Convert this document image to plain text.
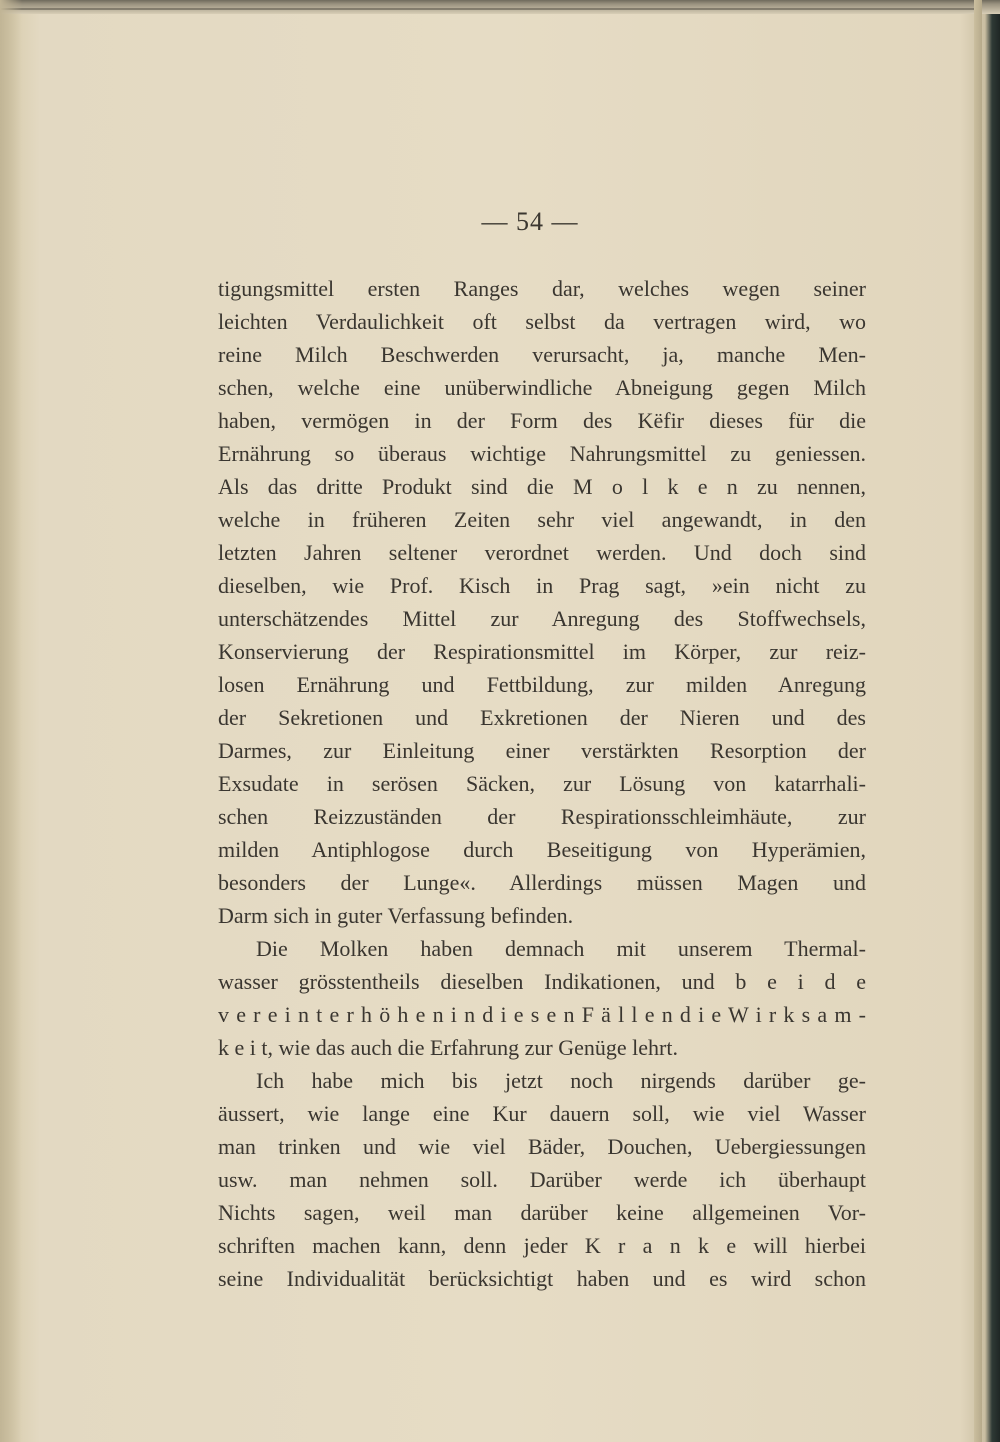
— 54 —
tigungsmittel ersten Ranges dar, welches wegen seiner
leichten Verdaulichkeit oft selbst da vertragen wird, wo
reine Milch Beschwerden verursacht, ja, manche Men-
schen, welche eine unüberwindliche Abneigung gegen Milch
haben, vermögen in der Form des Këfir dieses für die
Ernährung so überaus wichtige Nahrungsmittel zu geniessen.
Als das dritte Produkt sind die M o l k e n zu nennen,
welche in früheren Zeiten sehr viel angewandt, in den
letzten Jahren seltener verordnet werden. Und doch sind
dieselben, wie Prof. Kisch in Prag sagt, »ein nicht zu
unterschätzendes Mittel zur Anregung des Stoffwechsels,
Konservierung der Respirationsmittel im Körper, zur reiz-
losen Ernährung und Fettbildung, zur milden Anregung
der Sekretionen und Exkretionen der Nieren und des
Darmes, zur Einleitung einer verstärkten Resorption der
Exsudate in serösen Säcken, zur Lösung von katarrhali-
schen Reizzuständen der Respirationsschleimhäute, zur
milden Antiphlogose durch Beseitigung von Hyperämien,
besonders der Lunge«. Allerdings müssen Magen und
Darm sich in guter Verfassung befinden.
Die Molken haben demnach mit unserem Thermal-
wasser grösstentheils dieselben Indikationen, und b e i d e
v e r e i n t e r h ö h e n i n d i e s e n F ä l l e n d i e W i r k s a m -
k e i t, wie das auch die Erfahrung zur Genüge lehrt.
Ich habe mich bis jetzt noch nirgends darüber ge-
äussert, wie lange eine Kur dauern soll, wie viel Wasser
man trinken und wie viel Bäder, Douchen, Uebergiessungen
usw. man nehmen soll. Darüber werde ich überhaupt
Nichts sagen, weil man darüber keine allgemeinen Vor-
schriften machen kann, denn jeder K r a n k e will hierbei
seine Individualität berücksichtigt haben und es wird schon
